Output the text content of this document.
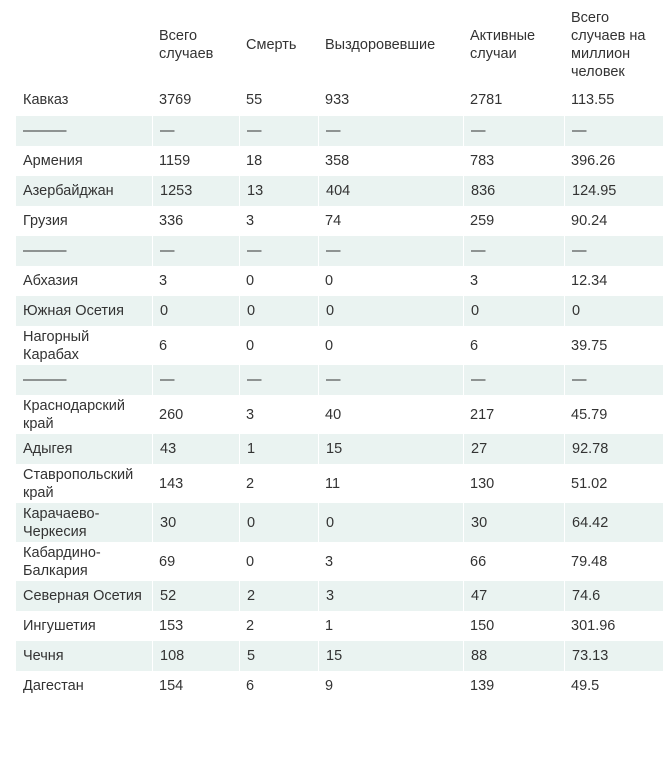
	Всего случаев	Смерть	Выздоровевшие	Активные случаи	Всего случаев на миллион человек
Кавказ	3769	55	933	2781	113.55
———	—	—	—	—	—
Армения	1159	18	358	783	396.26
Азербайджан	1253	13	404	836	124.95
Грузия	336	3	74	259	90.24
———	—	—	—	—	—
Абхазия	3	0	0	3	12.34
Южная Осетия	0	0	0	0	0
Нагорный Карабах	6	0	0	6	39.75
———	—	—	—	—	—
Краснодарский край	260	3	40	217	45.79
Адыгея	43	1	15	27	92.78
Ставропольский край	143	2	11	130	51.02
Карачаево-Черкесия	30	0	0	30	64.42
Кабардино-Балкария	69	0	3	66	79.48
Северная Осетия	52	2	3	47	74.6
Ингушетия	153	2	1	150	301.96
Чечня	108	5	15	88	73.13
Дагестан	154	6	9	139	49.5
